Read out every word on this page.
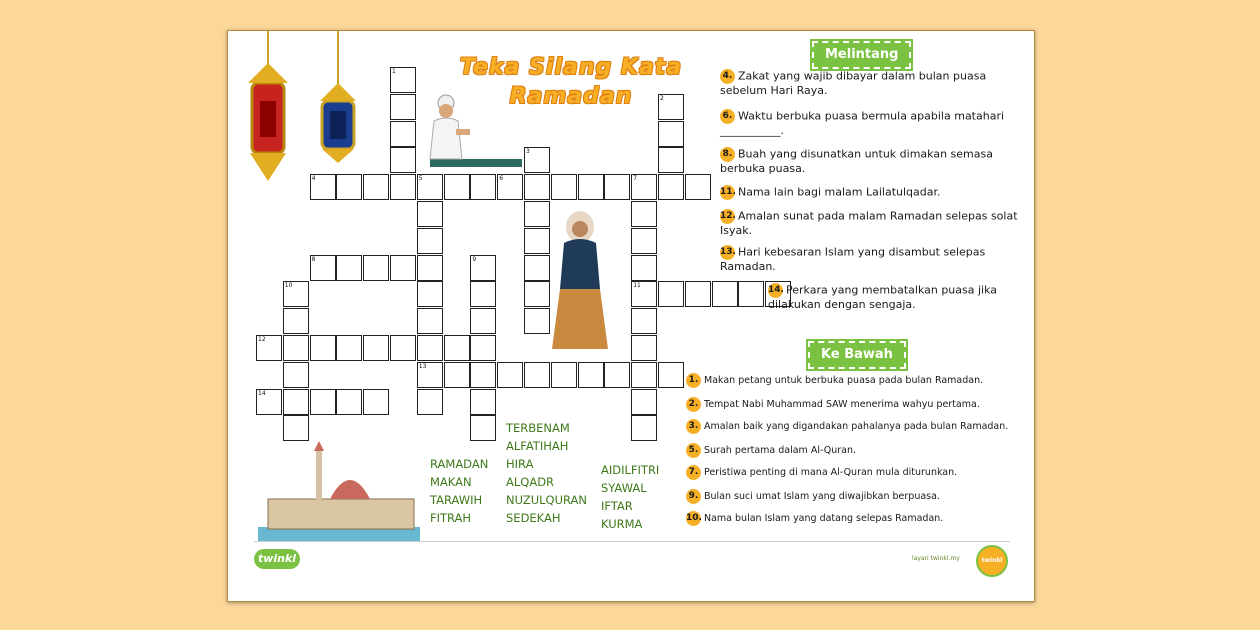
Teka Silang Kata
Ramadan
1
2
3
4	5
13
6	7
11
8	9
10
12
14
Melintang
4. Zakat yang wajib dibayar dalam bulan puasa sebelum Hari Raya.
6. Waktu berbuka puasa bermula apabila matahari ___________.
8. Buah yang disunatkan untuk dimakan semasa berbuka puasa.
11. Nama lain bagi malam Lailatulqadar.
12. Amalan sunat pada malam Ramadan selepas solat Isyak.
13. Hari kebesaran Islam yang disambut selepas Ramadan.
14. Perkara yang membatalkan puasa jika dilakukan dengan sengaja.
Ke Bawah
1. Makan petang untuk berbuka puasa pada bulan Ramadan.
2. Tempat Nabi Muhammad SAW menerima wahyu pertama.
3. Amalan baik yang digandakan pahalanya pada bulan Ramadan.
5. Surah pertama dalam Al-Quran.
7. Peristiwa penting di mana Al-Quran mula diturunkan.
9. Bulan suci umat Islam yang diwajibkan berpuasa.
10. Nama bulan Islam yang datang selepas Ramadan.
RAMADAN
MAKAN
TARAWIH
FITRAH
TERBENAM
ALFATIHAH
HIRA
ALQADR
NUZULQURAN
SEDEKAH
AIDILFITRI
SYAWAL
IFTAR
KURMA
twinkl	layari twinkl.my	twinkl
